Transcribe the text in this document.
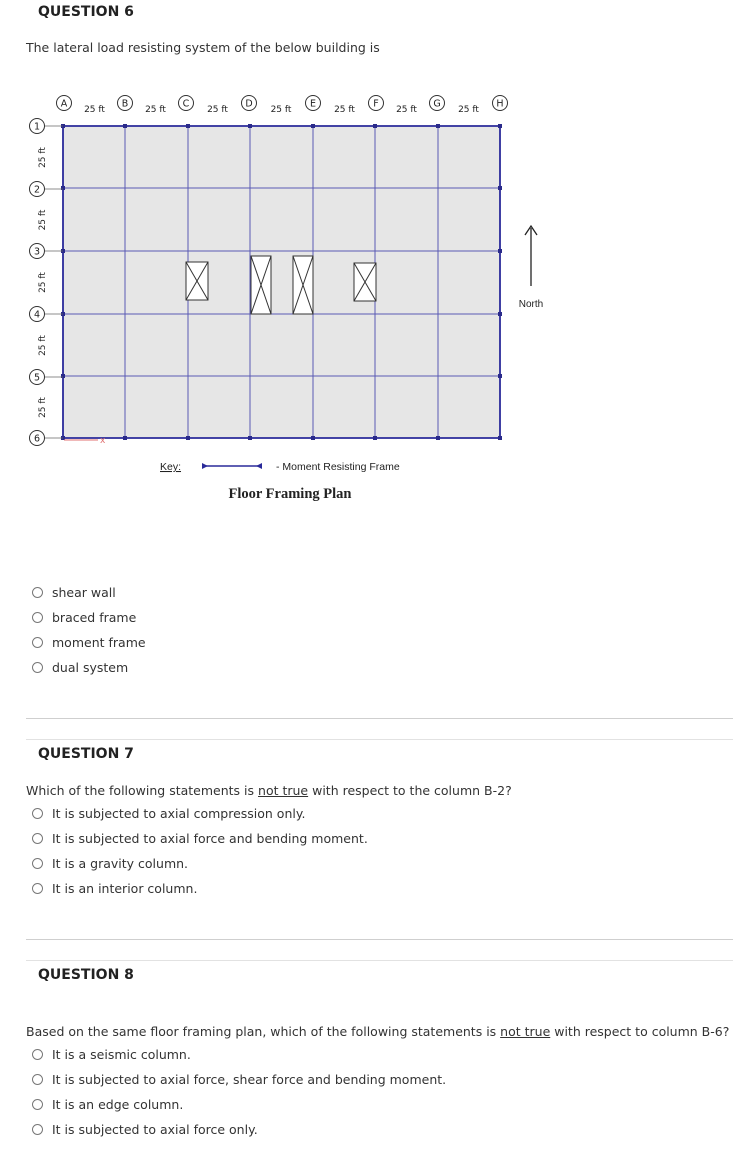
QUESTION 6
The lateral load resisting system of the below building is
A
25 ft
B
25 ft
C
25 ft
D
25 ft
E
25 ft
F
25 ft
G
25 ft
H
1
25 ft
2
25 ft
3
25 ft
4
25 ft
5
25 ft
6
North
x
Key:	- Moment Resisting Frame
Floor Framing Plan
shear wall
braced frame
moment frame
dual system
QUESTION 7
Which of the following statements is not true with respect to the column B-2?
It is subjected to axial compression only.
It is subjected to axial force and bending moment.
It is a gravity column.
It is an interior column.
QUESTION 8
Based on the same floor framing plan, which of the following statements is not true with respect to column B-6?
It is a seismic column.
It is subjected to axial force, shear force and bending moment.
It is an edge column.
It is subjected to axial force only.
